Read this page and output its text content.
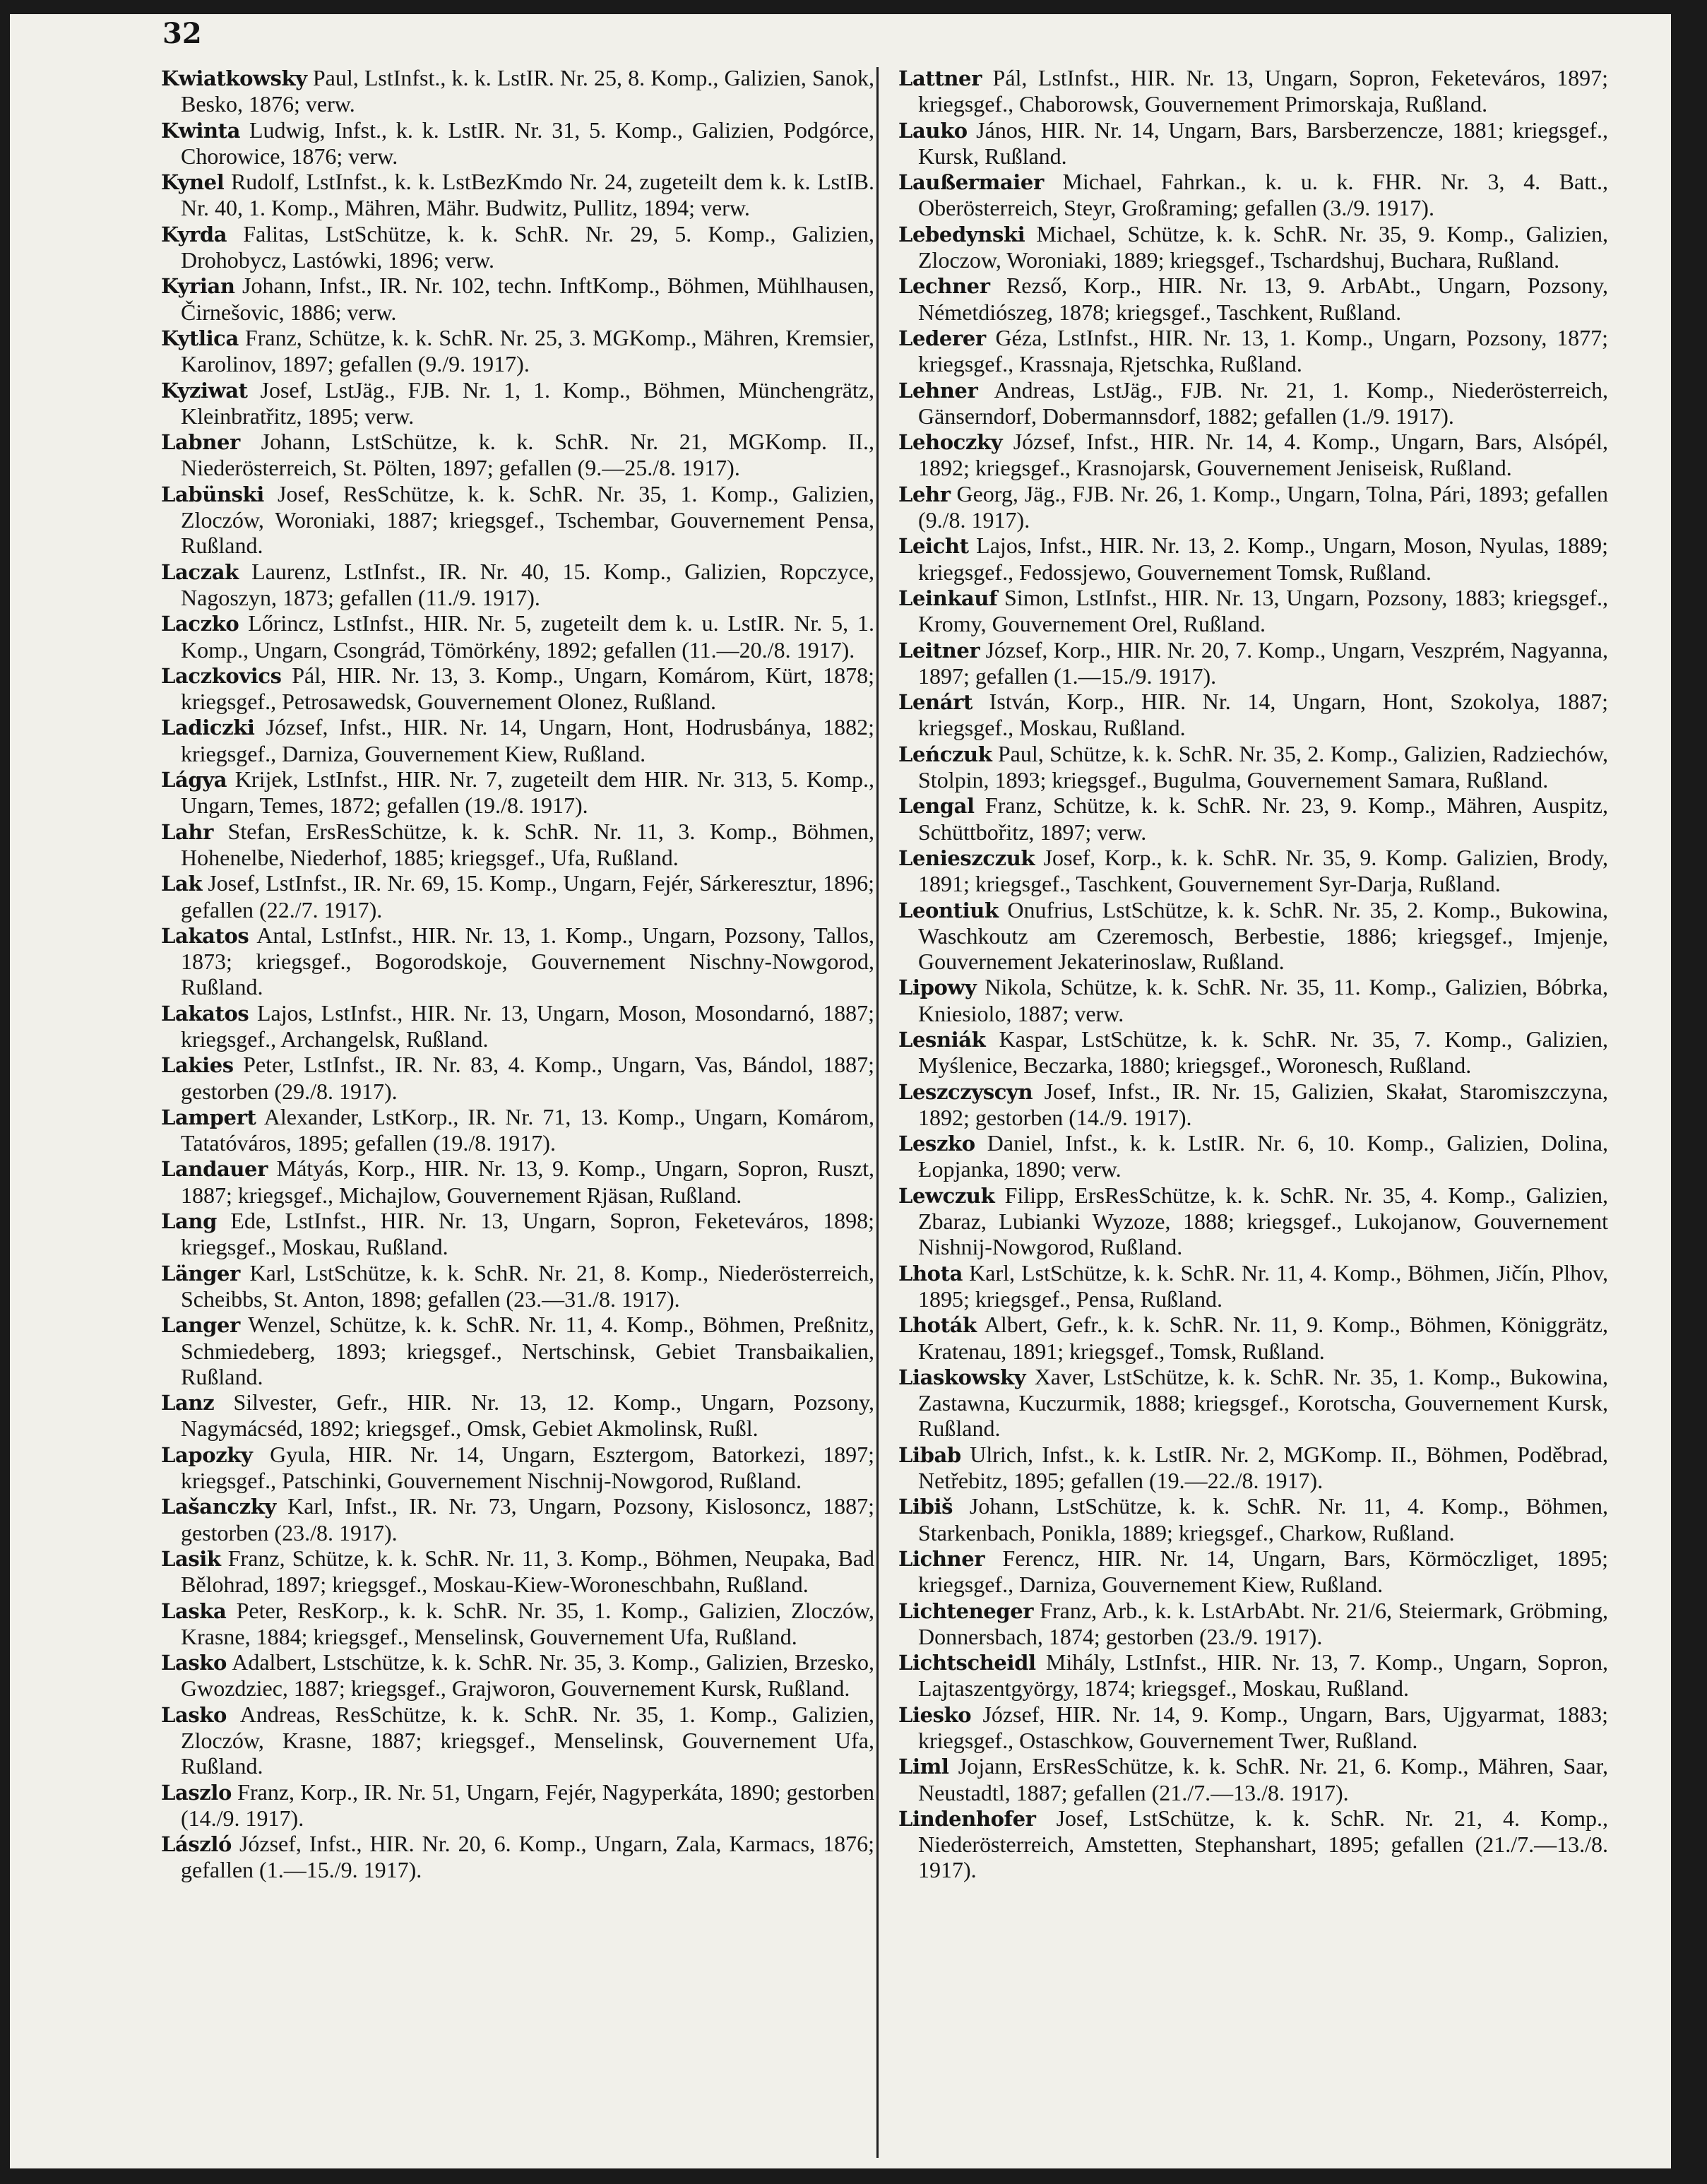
32

Kwiatkowsky Paul, LstInfst., k. k. LstIR. Nr. 25, 8. Komp., Galizien, Sanok, Besko, 1876; verw.

Kwinta Ludwig, Infst., k. k. LstIR. Nr. 31, 5. Komp., Galizien, Podgórce, Chorowice, 1876; verw.

Kynel Rudolf, LstInfst., k. k. LstBezKmdo Nr. 24, zugeteilt dem k. k. LstIB. Nr. 40, 1. Komp., Mähren, Mähr. Budwitz, Pullitz, 1894; verw.

Kyrda Falitas, LstSchütze, k. k. SchR. Nr. 29, 5. Komp., Galizien, Drohobycz, Lastówki, 1896; verw.

Kyrian Johann, Infst., IR. Nr. 102, techn. InftKomp., Böhmen, Mühlhausen, Čirnešovic, 1886; verw.

Kytlica Franz, Schütze, k. k. SchR. Nr. 25, 3. MGKomp., Mähren, Kremsier, Karolinov, 1897; gefallen (9./9. 1917).

Kyziwat Josef, LstJäg., FJB. Nr. 1, 1. Komp., Böhmen, Münchengrätz, Kleinbratřitz, 1895; verw.

Labner Johann, LstSchütze, k. k. SchR. Nr. 21, MGKomp. II., Niederösterreich, St. Pölten, 1897; gefallen (9.—25./8. 1917).

Labünski Josef, ResSchütze, k. k. SchR. Nr. 35, 1. Komp., Galizien, Zloczów, Woroniaki, 1887; kriegsgef., Tschembar, Gouvernement Pensa, Rußland.

Laczak Laurenz, LstInfst., IR. Nr. 40, 15. Komp., Galizien, Ropczyce, Nagoszyn, 1873; gefallen (11./9. 1917).

Laczko Lőrincz, LstInfst., HIR. Nr. 5, zugeteilt dem k. u. LstIR. Nr. 5, 1. Komp., Ungarn, Csongrád, Tömörkény, 1892; gefallen (11.—20./8. 1917).

Laczkovics Pál, HIR. Nr. 13, 3. Komp., Ungarn, Komárom, Kürt, 1878; kriegsgef., Petrosawedsk, Gouvernement Olonez, Rußland.

Ladiczki József, Infst., HIR. Nr. 14, Ungarn, Hont, Hodrusbánya, 1882; kriegsgef., Darniza, Gouvernement Kiew, Rußland.

Lágya Krijek, LstInfst., HIR. Nr. 7, zugeteilt dem HIR. Nr. 313, 5. Komp., Ungarn, Temes, 1872; gefallen (19./8. 1917).

Lahr Stefan, ErsResSchütze, k. k. SchR. Nr. 11, 3. Komp., Böhmen, Hohenelbe, Niederhof, 1885; kriegsgef., Ufa, Rußland.

Lak Josef, LstInfst., IR. Nr. 69, 15. Komp., Ungarn, Fejér, Sárkeresztur, 1896; gefallen (22./7. 1917).

Lakatos Antal, LstInfst., HIR. Nr. 13, 1. Komp., Ungarn, Pozsony, Tallos, 1873; kriegsgef., Bogorodskoje, Gouvernement Nischny-Nowgorod, Rußland.

Lakatos Lajos, LstInfst., HIR. Nr. 13, Ungarn, Moson, Mosondarnó, 1887; kriegsgef., Archangelsk, Rußland.

Lakies Peter, LstInfst., IR. Nr. 83, 4. Komp., Ungarn, Vas, Bándol, 1887; gestorben (29./8. 1917).

Lampert Alexander, LstKorp., IR. Nr. 71, 13. Komp., Ungarn, Komárom, Tatatóváros, 1895; gefallen (19./8. 1917).

Landauer Mátyás, Korp., HIR. Nr. 13, 9. Komp., Ungarn, Sopron, Ruszt, 1887; kriegsgef., Michajlow, Gouvernement Rjäsan, Rußland.

Lang Ede, LstInfst., HIR. Nr. 13, Ungarn, Sopron, Feketeváros, 1898; kriegsgef., Moskau, Rußland.

Länger Karl, LstSchütze, k. k. SchR. Nr. 21, 8. Komp., Niederösterreich, Scheibbs, St. Anton, 1898; gefallen (23.—31./8. 1917).

Langer Wenzel, Schütze, k. k. SchR. Nr. 11, 4. Komp., Böhmen, Preßnitz, Schmiedeberg, 1893; kriegsgef., Nertschinsk, Gebiet Transbaikalien, Rußland.

Lanz Silvester, Gefr., HIR. Nr. 13, 12. Komp., Ungarn, Pozsony, Nagymácséd, 1892; kriegsgef., Omsk, Gebiet Akmolinsk, Rußl.

Lapozky Gyula, HIR. Nr. 14, Ungarn, Esztergom, Batorkezi, 1897; kriegsgef., Patschinki, Gouvernement Nischnij-Nowgorod, Rußland.

Lašanczky Karl, Infst., IR. Nr. 73, Ungarn, Pozsony, Kislosoncz, 1887; gestorben (23./8. 1917).

Lasik Franz, Schütze, k. k. SchR. Nr. 11, 3. Komp., Böhmen, Neupaka, Bad Bělohrad, 1897; kriegsgef., Moskau-Kiew-Woroneschbahn, Rußland.

Laska Peter, ResKorp., k. k. SchR. Nr. 35, 1. Komp., Galizien, Zloczów, Krasne, 1884; kriegsgef., Menselinsk, Gouvernement Ufa, Rußland.

Lasko Adalbert, Lstschütze, k. k. SchR. Nr. 35, 3. Komp., Galizien, Brzesko, Gwozdziec, 1887; kriegsgef., Grajworon, Gouvernement Kursk, Rußland.

Lasko Andreas, ResSchütze, k. k. SchR. Nr. 35, 1. Komp., Galizien, Zloczów, Krasne, 1887; kriegsgef., Menselinsk, Gouvernement Ufa, Rußland.

Laszlo Franz, Korp., IR. Nr. 51, Ungarn, Fejér, Nagyperkáta, 1890; gestorben (14./9. 1917).

László József, Infst., HIR. Nr. 20, 6. Komp., Ungarn, Zala, Karmacs, 1876; gefallen (1.—15./9. 1917).

Lattner Pál, LstInfst., HIR. Nr. 13, Ungarn, Sopron, Feketeváros, 1897; kriegsgef., Chaborowsk, Gouvernement Primorskaja, Rußland.

Lauko János, HIR. Nr. 14, Ungarn, Bars, Barsberzencze, 1881; kriegsgef., Kursk, Rußland.

Laußermaier Michael, Fahrkan., k. u. k. FHR. Nr. 3, 4. Batt., Oberösterreich, Steyr, Großraming; gefallen (3./9. 1917).

Lebedynski Michael, Schütze, k. k. SchR. Nr. 35, 9. Komp., Galizien, Zloczow, Woroniaki, 1889; kriegsgef., Tschardshuj, Buchara, Rußland.

Lechner Rezső, Korp., HIR. Nr. 13, 9. ArbAbt., Ungarn, Pozsony, Németdiószeg, 1878; kriegsgef., Taschkent, Rußland.

Lederer Géza, LstInfst., HIR. Nr. 13, 1. Komp., Ungarn, Pozsony, 1877; kriegsgef., Krassnaja, Rjetschka, Rußland.

Lehner Andreas, LstJäg., FJB. Nr. 21, 1. Komp., Niederösterreich, Gänserndorf, Dobermannsdorf, 1882; gefallen (1./9. 1917).

Lehoczky József, Infst., HIR. Nr. 14, 4. Komp., Ungarn, Bars, Alsópél, 1892; kriegsgef., Krasnojarsk, Gouvernement Jeniseisk, Rußland.

Lehr Georg, Jäg., FJB. Nr. 26, 1. Komp., Ungarn, Tolna, Pári, 1893; gefallen (9./8. 1917).

Leicht Lajos, Infst., HIR. Nr. 13, 2. Komp., Ungarn, Moson, Nyulas, 1889; kriegsgef., Fedossjewo, Gouvernement Tomsk, Rußland.

Leinkauf Simon, LstInfst., HIR. Nr. 13, Ungarn, Pozsony, 1883; kriegsgef., Kromy, Gouvernement Orel, Rußland.

Leitner József, Korp., HIR. Nr. 20, 7. Komp., Ungarn, Veszprém, Nagyanna, 1897; gefallen (1.—15./9. 1917).

Lenárt István, Korp., HIR. Nr. 14, Ungarn, Hont, Szokolya, 1887; kriegsgef., Moskau, Rußland.

Leńczuk Paul, Schütze, k. k. SchR. Nr. 35, 2. Komp., Galizien, Radziechów, Stolpin, 1893; kriegsgef., Bugulma, Gouvernement Samara, Rußland.

Lengal Franz, Schütze, k. k. SchR. Nr. 23, 9. Komp., Mähren, Auspitz, Schüttbořitz, 1897; verw.

Lenieszczuk Josef, Korp., k. k. SchR. Nr. 35, 9. Komp. Galizien, Brody, 1891; kriegsgef., Taschkent, Gouvernement Syr-Darja, Rußland.

Leontiuk Onufrius, LstSchütze, k. k. SchR. Nr. 35, 2. Komp., Bukowina, Waschkoutz am Czeremosch, Berbestie, 1886; kriegsgef., Imjenje, Gouvernement Jekaterinoslaw, Rußland.

Lipowy Nikola, Schütze, k. k. SchR. Nr. 35, 11. Komp., Galizien, Bóbrka, Kniesiolo, 1887; verw.

Lesniák Kaspar, LstSchütze, k. k. SchR. Nr. 35, 7. Komp., Galizien, Myślenice, Beczarka, 1880; kriegsgef., Woronesch, Rußland.

Leszczyscyn Josef, Infst., IR. Nr. 15, Galizien, Skałat, Staromiszczyna, 1892; gestorben (14./9. 1917).

Leszko Daniel, Infst., k. k. LstIR. Nr. 6, 10. Komp., Galizien, Dolina, Łopjanka, 1890; verw.

Lewczuk Filipp, ErsResSchütze, k. k. SchR. Nr. 35, 4. Komp., Galizien, Zbaraz, Lubianki Wyzoze, 1888; kriegsgef., Lukojanow, Gouvernement Nishnij-Nowgorod, Rußland.

Lhota Karl, LstSchütze, k. k. SchR. Nr. 11, 4. Komp., Böhmen, Jičín, Plhov, 1895; kriegsgef., Pensa, Rußland.

Lhoták Albert, Gefr., k. k. SchR. Nr. 11, 9. Komp., Böhmen, Königgrätz, Kratenau, 1891; kriegsgef., Tomsk, Rußland.

Liaskowsky Xaver, LstSchütze, k. k. SchR. Nr. 35, 1. Komp., Bukowina, Zastawna, Kuczurmik, 1888; kriegsgef., Korotscha, Gouvernement Kursk, Rußland.

Libab Ulrich, Infst., k. k. LstIR. Nr. 2, MGKomp. II., Böhmen, Poděbrad, Netřebitz, 1895; gefallen (19.—22./8. 1917).

Libiš Johann, LstSchütze, k. k. SchR. Nr. 11, 4. Komp., Böhmen, Starkenbach, Ponikla, 1889; kriegsgef., Charkow, Rußland.

Lichner Ferencz, HIR. Nr. 14, Ungarn, Bars, Körmöczliget, 1895; kriegsgef., Darniza, Gouvernement Kiew, Rußland.

Lichteneger Franz, Arb., k. k. LstArbAbt. Nr. 21/6, Steiermark, Gröbming, Donnersbach, 1874; gestorben (23./9. 1917).

Lichtscheidl Mihály, LstInfst., HIR. Nr. 13, 7. Komp., Ungarn, Sopron, Lajtaszentgyörgy, 1874; kriegsgef., Moskau, Rußland.

Liesko József, HIR. Nr. 14, 9. Komp., Ungarn, Bars, Ujgyarmat, 1883; kriegsgef., Ostaschkow, Gouvernement Twer, Rußland.

Liml Jojann, ErsResSchütze, k. k. SchR. Nr. 21, 6. Komp., Mähren, Saar, Neustadtl, 1887; gefallen (21./7.—13./8. 1917).

Lindenhofer Josef, LstSchütze, k. k. SchR. Nr. 21, 4. Komp., Niederösterreich, Amstetten, Stephanshart, 1895; gefallen (21./7.—13./8. 1917).
